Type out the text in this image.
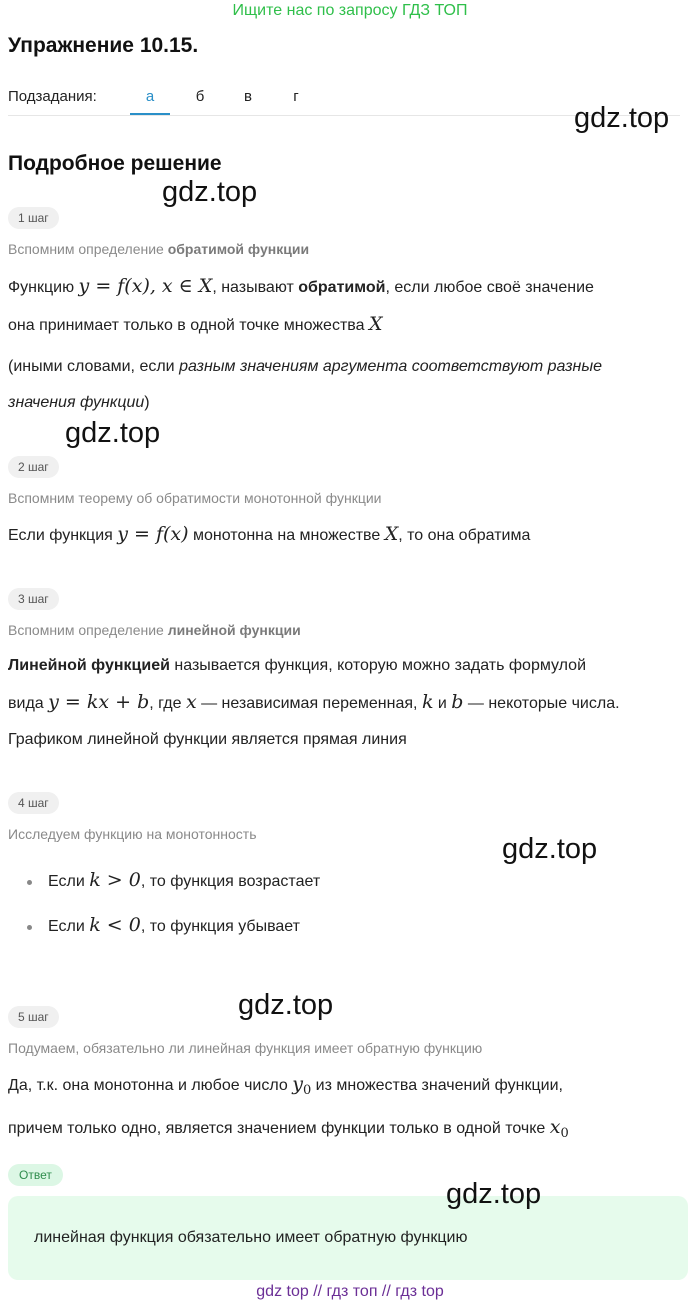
Ищите нас по запросу ГДЗ ТОП
Упражнение 10.15.
Подзадания:	а	б	в	г
Подробное решение
1 шаг
Вспомним определение обратимой функции
Функцию y = f(x), x ∈ X, называют обратимой, если любое своё значение
она принимает только в одной точке множества X
(иными словами, если разным значениям аргумента соответствуют разные
значения функции)
2 шаг
Вспомним теорему об обратимости монотонной функции
Если функция y = f(x) монотонна на множестве X, то она обратима
3 шаг
Вспомним определение линейной функции
Линейной функцией называется функция, которую можно задать формулой
вида y = kx + b, где x — независимая переменная, k и b — некоторые числа.
Графиком линейной функции является прямая линия
4 шаг
Исследуем функцию на монотонность
Если k > 0, то функция возрастает
Если k < 0, то функция убывает
5 шаг
Подумаем, обязательно ли линейная функция имеет обратную функцию
Да, т.к. она монотонна и любое число $y_0$ из множества значений функции,
причем только одно, является значением функции только в одной точке $x_0$
Ответ
линейная функция обязательно имеет обратную функцию
gdz.top
gdz.top
gdz.top
gdz.top
gdz.top
gdz.top
gdz top // гдз топ // гдз top
